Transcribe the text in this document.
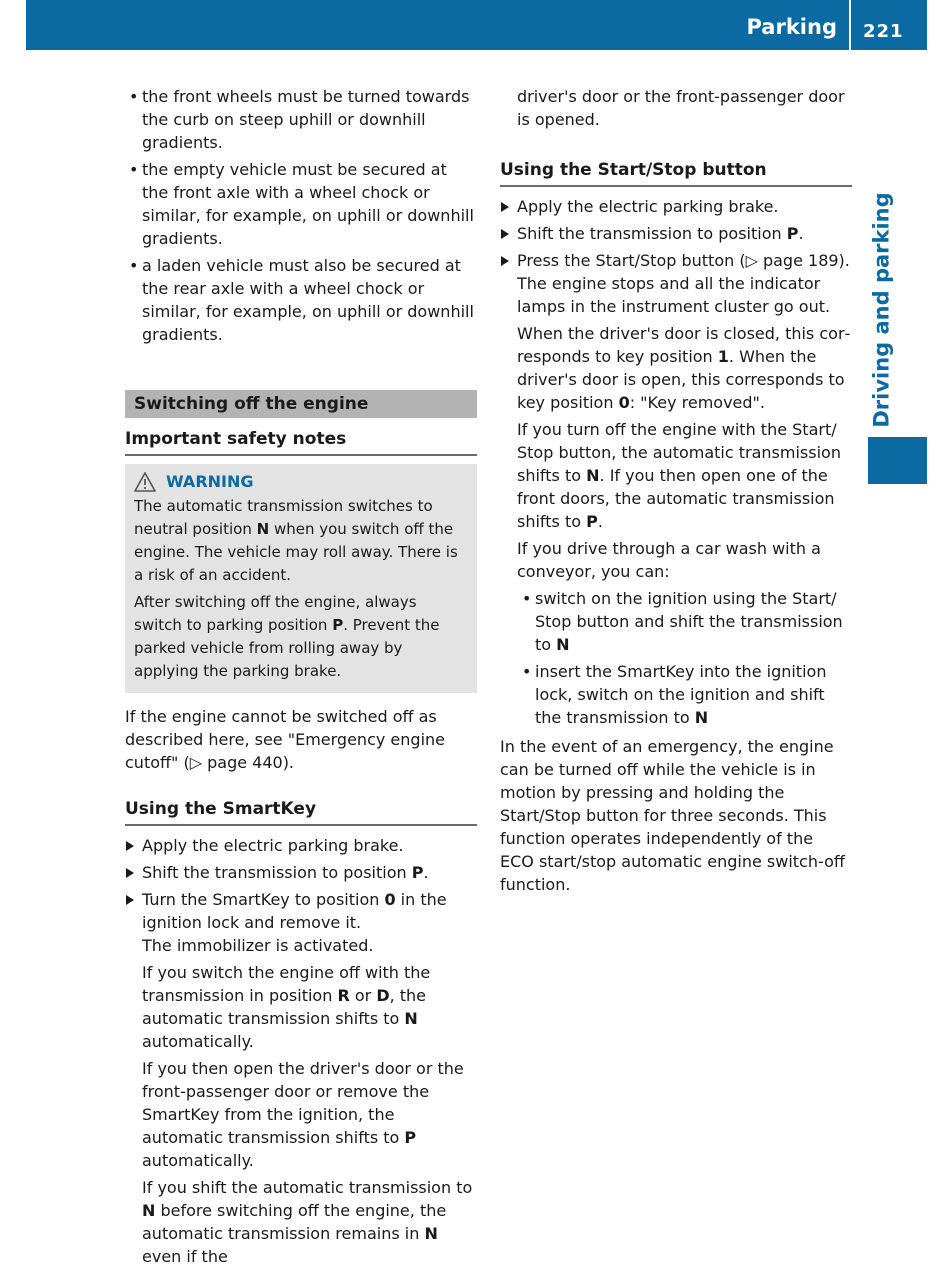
Parking 221
Driving and parking

• the front wheels must be turned towards the curb on steep uphill or downhill gradients.

• the empty vehicle must be secured at the front axle with a wheel chock or similar, for example, on uphill or downhill gradients.

• a laden vehicle must also be secured at the rear axle with a wheel chock or similar, for example, on uphill or downhill gradients.

Switching off the engine
Important safety notes
WARNING

The automatic transmission switches to neutral position N when you switch off the engine. The vehicle may roll away. There is a risk of an accident.

After switching off the engine, always switch to parking position P. Prevent the parked vehicle from rolling away by applying the parking brake.

If the engine cannot be switched off as described here, see "Emergency engine cutoff" (▷ page 440).

Using the SmartKey

Apply the electric parking brake.

Shift the transmission to position P.

Turn the SmartKey to position 0 in the ignition lock and remove it.

The immobilizer is activated.

If you switch the engine off with the transmission in position R or D, the automatic transmission shifts to N automatically.

If you then open the driver's door or the front-passenger door or remove the SmartKey from the ignition, the automatic transmission shifts to P automatically.

If you shift the automatic transmission to N before switching off the engine, the automatic transmission remains in N even if the

driver's door or the front-passenger door is opened.

Using the Start/Stop button

Apply the electric parking brake.

Shift the transmission to position P.

Press the Start/Stop button (▷ page 189).

The engine stops and all the indicator lamps in the instrument cluster go out.

When the driver's door is closed, this corresponds to key position 1. When the driver's door is open, this corresponds to key position 0: "Key removed".

If you turn off the engine with the Start/ Stop button, the automatic transmission shifts to N. If you then open one of the front doors, the automatic transmission shifts to P.

If you drive through a car wash with a conveyor, you can:

• switch on the ignition using the Start/ Stop button and shift the transmission to N

• insert the SmartKey into the ignition lock, switch on the ignition and shift the transmission to N

In the event of an emergency, the engine can be turned off while the vehicle is in motion by pressing and holding the Start/Stop button for three seconds. This function operates independently of the ECO start/stop automatic engine switch-off function.
